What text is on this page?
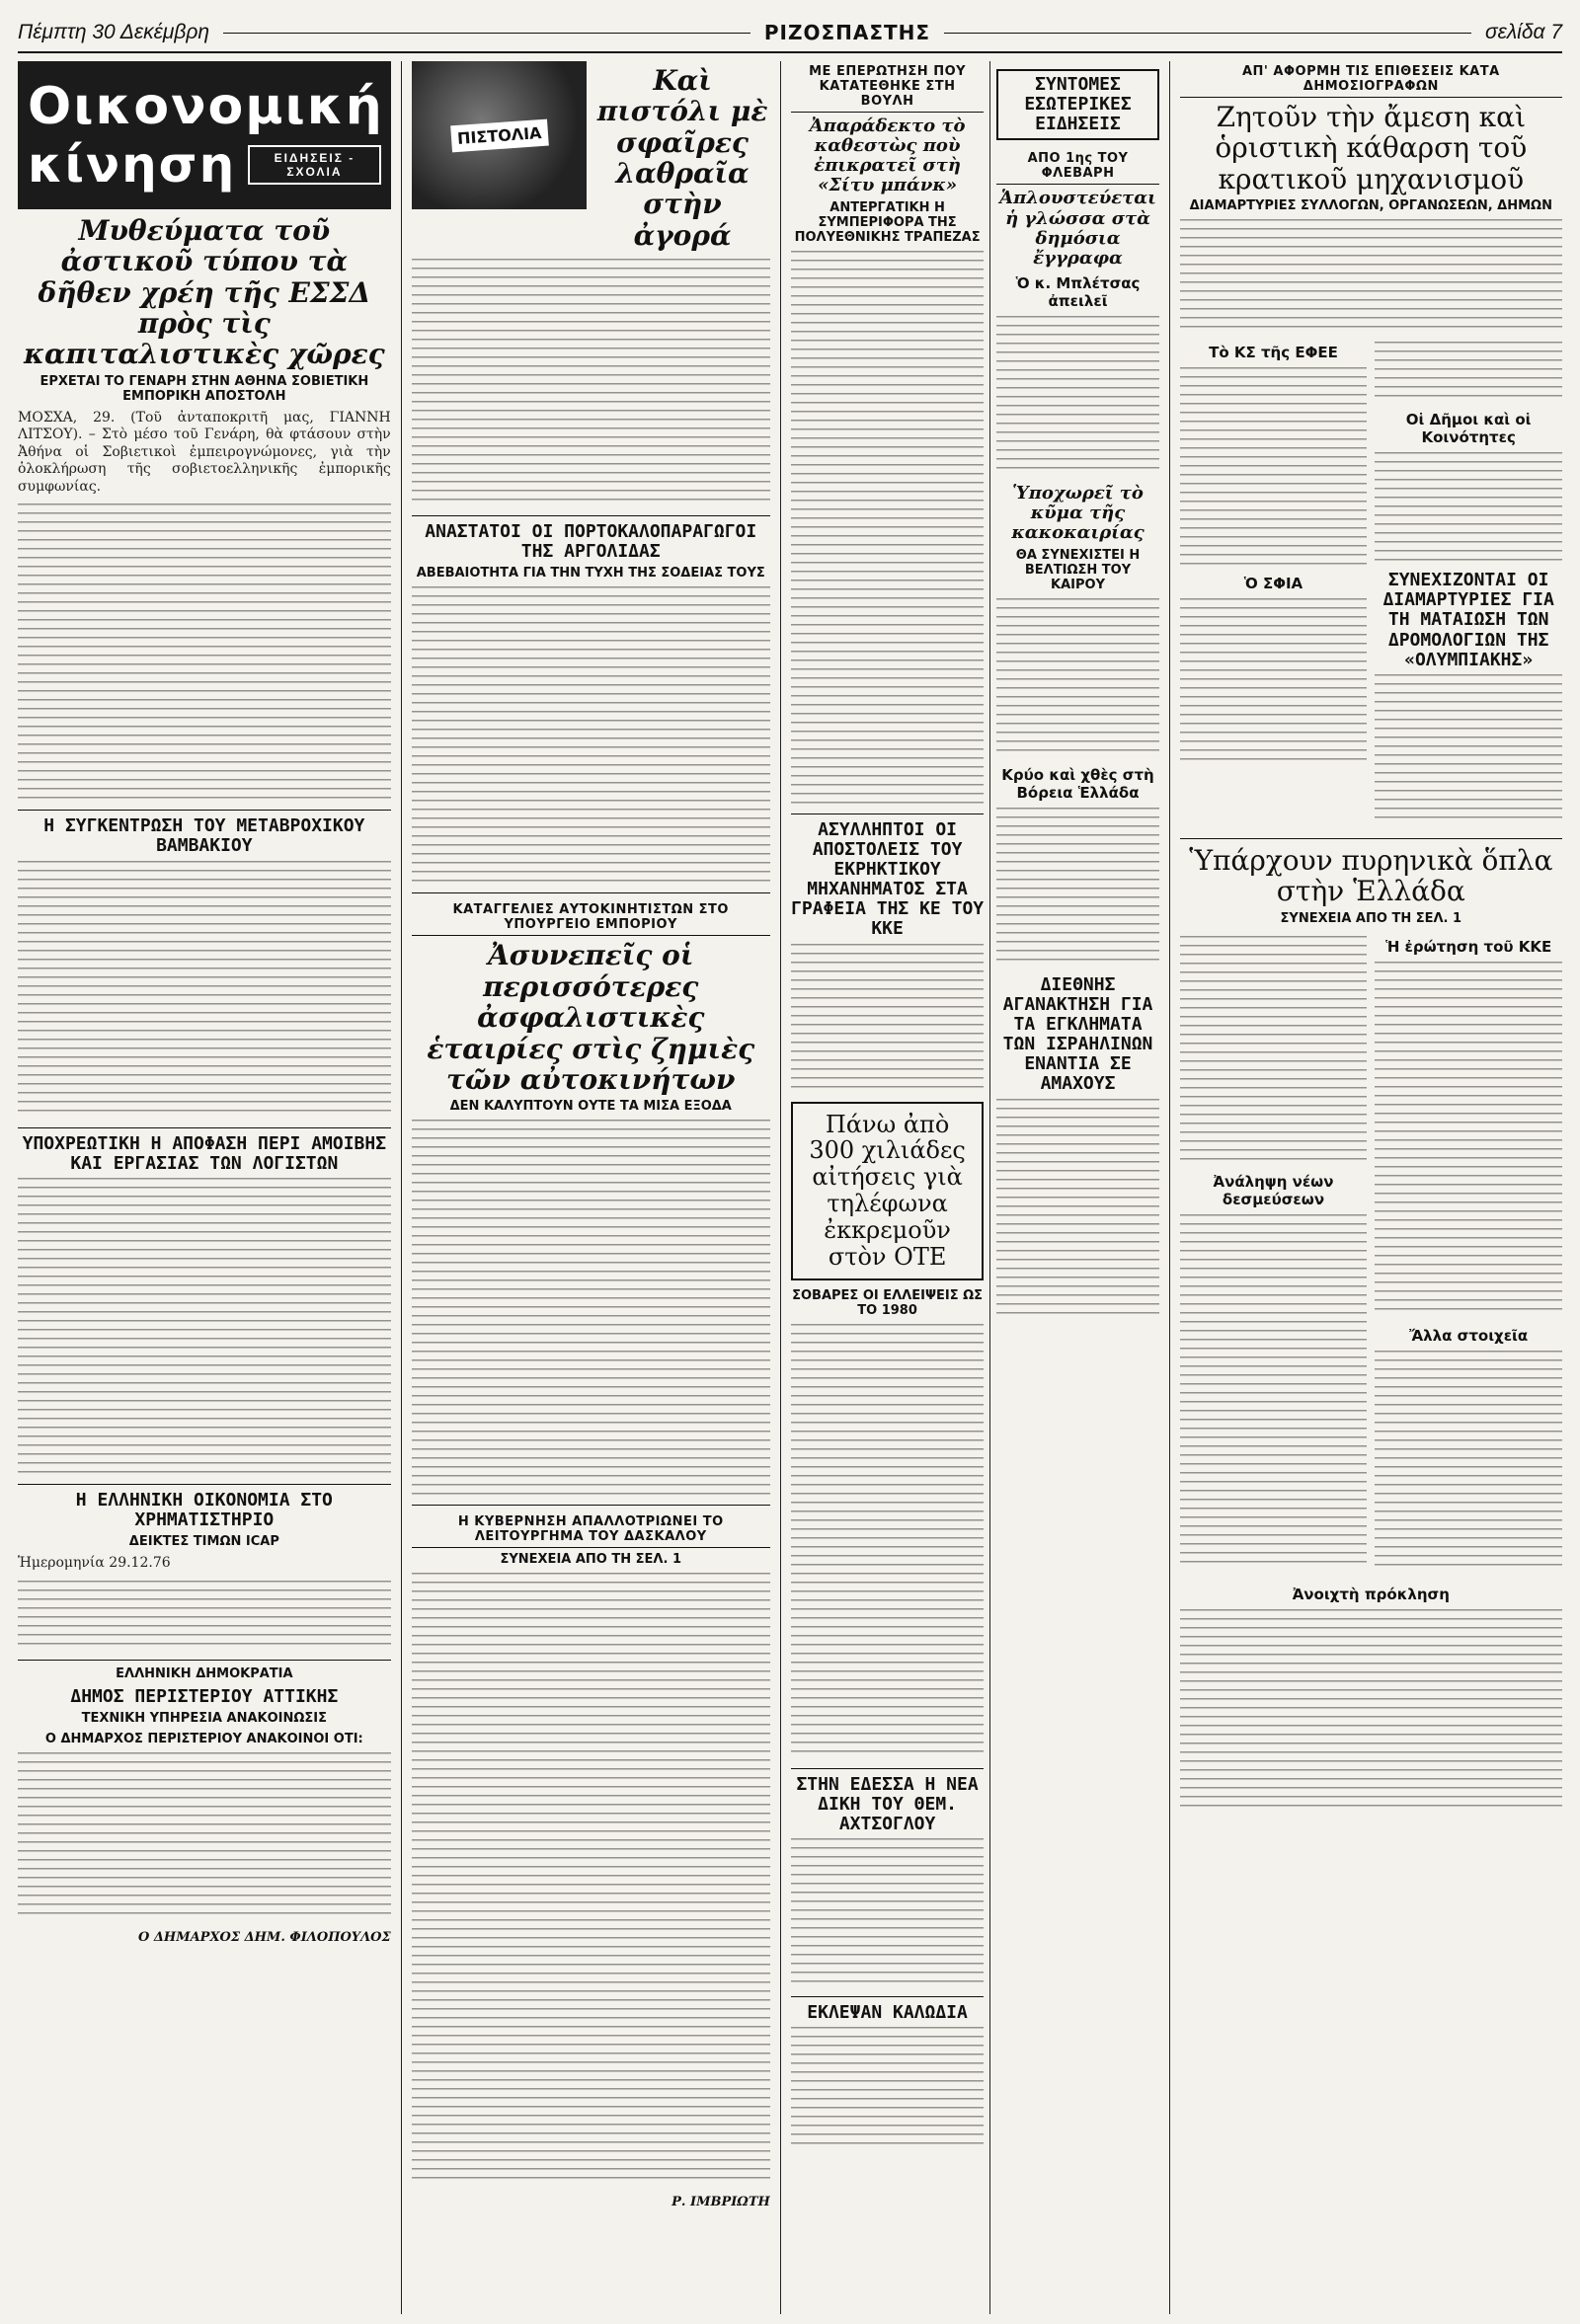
Πέμπτη 30 Δεκέμβρη	ΡΙΖΟΣΠΑΣΤΗΣ	σελίδα 7
Οικονομική
κίνηση	ΕΙΔΗΣΕΙΣ - ΣΧΟΛΙΑ
Μυθεύματα τοῦ ἀστικοῦ τύπου τὰ δῆθεν χρέη τῆς ΕΣΣΔ πρὸς τὶς καπιταλιστικὲς χῶρες
ΕΡΧΕΤΑΙ ΤΟ ΓΕΝΑΡΗ ΣΤΗΝ ΑΘΗΝΑ ΣΟΒΙΕΤΙΚΗ ΕΜΠΟΡΙΚΗ ΑΠΟΣΤΟΛΗ
ΜΟΣΧΑ, 29. (Τοῦ ἀνταποκριτῆ μας, ΓΙΑΝΝΗ ΛΙΤΣΟΥ). – Στὸ μέσο τοῦ Γενάρη, θὰ φτάσουν στὴν Ἀθήνα οἱ Σοβιετικοὶ ἐμπειρογνώμονες, γιὰ τὴν ὁλοκλήρωση τῆς σοβιετοελληνικῆς ἐμπορικῆς συμφωνίας.
Η ΣΥΓΚΕΝΤΡΩΣΗ ΤΟΥ ΜΕΤΑΒΡΟΧΙΚΟΥ ΒΑΜΒΑΚΙΟΥ
ΥΠΟΧΡΕΩΤΙΚΗ Η ΑΠΟΦΑΣΗ ΠΕΡΙ ΑΜΟΙΒΗΣ ΚΑΙ ΕΡΓΑΣΙΑΣ ΤΩΝ ΛΟΓΙΣΤΩΝ
Η ΕΛΛΗΝΙΚΗ ΟΙΚΟΝΟΜΙΑ ΣΤΟ ΧΡΗΜΑΤΙΣΤΗΡΙΟ
ΔΕΙΚΤΕΣ ΤΙΜΩΝ ICAP
Ἡμερομηνία 29.12.76
ΕΛΛΗΝΙΚΗ ΔΗΜΟΚΡΑΤΙΑ
ΔΗΜΟΣ ΠΕΡΙΣΤΕΡΙΟΥ ΑΤΤΙΚΗΣ
ΤΕΧΝΙΚΗ ΥΠΗΡΕΣΙΑ ΑΝΑΚΟΙΝΩΣΙΣ
Ο ΔΗΜΑΡΧΟΣ ΠΕΡΙΣΤΕΡΙΟΥ ΑΝΑΚΟΙΝΟΙ ΟΤΙ:
Ο ΔΗΜΑΡΧΟΣ ΔΗΜ. ΦΙΛΟΠΟΥΛΟΣ
ΠΙΣΤΟΛΙΑ
Καὶ πιστόλι μὲ σφαῖρες λαθραῖα στὴν ἀγορά
ΑΝΑΣΤΑΤΟΙ ΟΙ ΠΟΡΤΟΚΑΛΟΠΑΡΑΓΩΓΟΙ ΤΗΣ ΑΡΓΟΛΙΔΑΣ
ΑΒΕΒΑΙΟΤΗΤΑ ΓΙΑ ΤΗΝ ΤΥΧΗ ΤΗΣ ΣΟΔΕΙΑΣ ΤΟΥΣ
ΚΑΤΑΓΓΕΛΙΕΣ ΑΥΤΟΚΙΝΗΤΙΣΤΩΝ ΣΤΟ ΥΠΟΥΡΓΕΙΟ ΕΜΠΟΡΙΟΥ
Ἀσυνεπεῖς οἱ περισσότερες ἀσφαλιστικὲς ἑταιρίες στὶς ζημιὲς τῶν αὐτοκινήτων
ΔΕΝ ΚΑΛΥΠΤΟΥΝ ΟΥΤΕ ΤΑ ΜΙΣΑ ΕΞΟΔΑ
Η ΚΥΒΕΡΝΗΣΗ ΑΠΑΛΛΟΤΡΙΩΝΕΙ ΤΟ ΛΕΙΤΟΥΡΓΗΜΑ ΤΟΥ ΔΑΣΚΑΛΟΥ
ΣΥΝΕΧΕΙΑ ΑΠΟ ΤΗ ΣΕΛ. 1
Ρ. ΙΜΒΡΙΩΤΗ
ΜΕ ΕΠΕΡΩΤΗΣΗ ΠΟΥ ΚΑΤΑΤΕΘΗΚΕ ΣΤΗ ΒΟΥΛΗ
Ἀπαράδεκτο τὸ καθεστὼς ποὺ ἐπικρατεῖ στὴ «Σίτυ μπάνκ»
ΑΝΤΕΡΓΑΤΙΚΗ Η ΣΥΜΠΕΡΙΦΟΡΑ ΤΗΣ ΠΟΛΥΕΘΝΙΚΗΣ ΤΡΑΠΕΖΑΣ
ΑΣΥΛΛΗΠΤΟΙ ΟΙ ΑΠΟΣΤΟΛΕΙΣ ΤΟΥ ΕΚΡΗΚΤΙΚΟΥ ΜΗΧΑΝΗΜΑΤΟΣ ΣΤΑ ΓΡΑΦΕΙΑ ΤΗΣ ΚΕ ΤΟΥ ΚΚΕ
Πάνω ἀπὸ 300 χιλιάδες αἰτήσεις γιὰ τηλέφωνα ἐκκρεμοῦν στὸν ΟΤΕ
ΣΟΒΑΡΕΣ ΟΙ ΕΛΛΕΙΨΕΙΣ ΩΣ ΤΟ 1980
ΣΤΗΝ ΕΔΕΣΣΑ Η ΝΕΑ ΔΙΚΗ ΤΟΥ ΘΕΜ. ΑΧΤΣΟΓΛΟΥ
ΕΚΛΕΨΑΝ ΚΑΛΩΔΙΑ
ΣΥΝΤΟΜΕΣ ΕΣΩΤΕΡΙΚΕΣ ΕΙΔΗΣΕΙΣ
ΑΠΟ 1ης ΤΟΥ ΦΛΕΒΑΡΗ
Ἁπλουστεύεται ἡ γλώσσα στὰ δημόσια ἔγγραφα
Ὁ κ. Μπλέτσας ἀπειλεῖ
Ὑποχωρεῖ τὸ κῦμα τῆς κακοκαιρίας
ΘΑ ΣΥΝΕΧΙΣΤΕΙ Η ΒΕΛΤΙΩΣΗ ΤΟΥ ΚΑΙΡΟΥ
Κρύο καὶ χθὲς στὴ Βόρεια Ἑλλάδα
ΔΙΕΘΝΗΣ ΑΓΑΝΑΚΤΗΣΗ ΓΙΑ ΤΑ ΕΓΚΛΗΜΑΤΑ ΤΩΝ ΙΣΡΑΗΛΙΝΩΝ ΕΝΑΝΤΙΑ ΣΕ ΑΜΑΧΟΥΣ
ΑΠ' ΑΦΟΡΜΗ ΤΙΣ ΕΠΙΘΕΣΕΙΣ ΚΑΤΑ ΔΗΜΟΣΙΟΓΡΑΦΩΝ
Ζητοῦν τὴν ἄμεση καὶ ὁριστικὴ κάθαρση τοῦ κρατικοῦ μηχανισμοῦ
ΔΙΑΜΑΡΤΥΡΙΕΣ ΣΥΛΛΟΓΩΝ, ΟΡΓΑΝΩΣΕΩΝ, ΔΗΜΩΝ
Τὸ ΚΣ τῆς ΕΦΕΕ
Ὁ ΣΦΙΑ
Οἱ Δῆμοι καὶ οἱ Κοινότητες
ΣΥΝΕΧΙΖΟΝΤΑΙ ΟΙ ΔΙΑΜΑΡΤΥΡΙΕΣ ΓΙΑ ΤΗ ΜΑΤΑΙΩΣΗ ΤΩΝ ΔΡΟΜΟΛΟΓΙΩΝ ΤΗΣ «ΟΛΥΜΠΙΑΚΗΣ»
Ὑπάρχουν πυρηνικὰ ὅπλα στὴν Ἑλλάδα
ΣΥΝΕΧΕΙΑ ΑΠΟ ΤΗ ΣΕΛ. 1
Ἀνάληψη νέων δεσμεύσεων
Ἡ ἐρώτηση τοῦ ΚΚΕ
Ἄλλα στοιχεῖα
Ἀνοιχτὴ πρόκληση
